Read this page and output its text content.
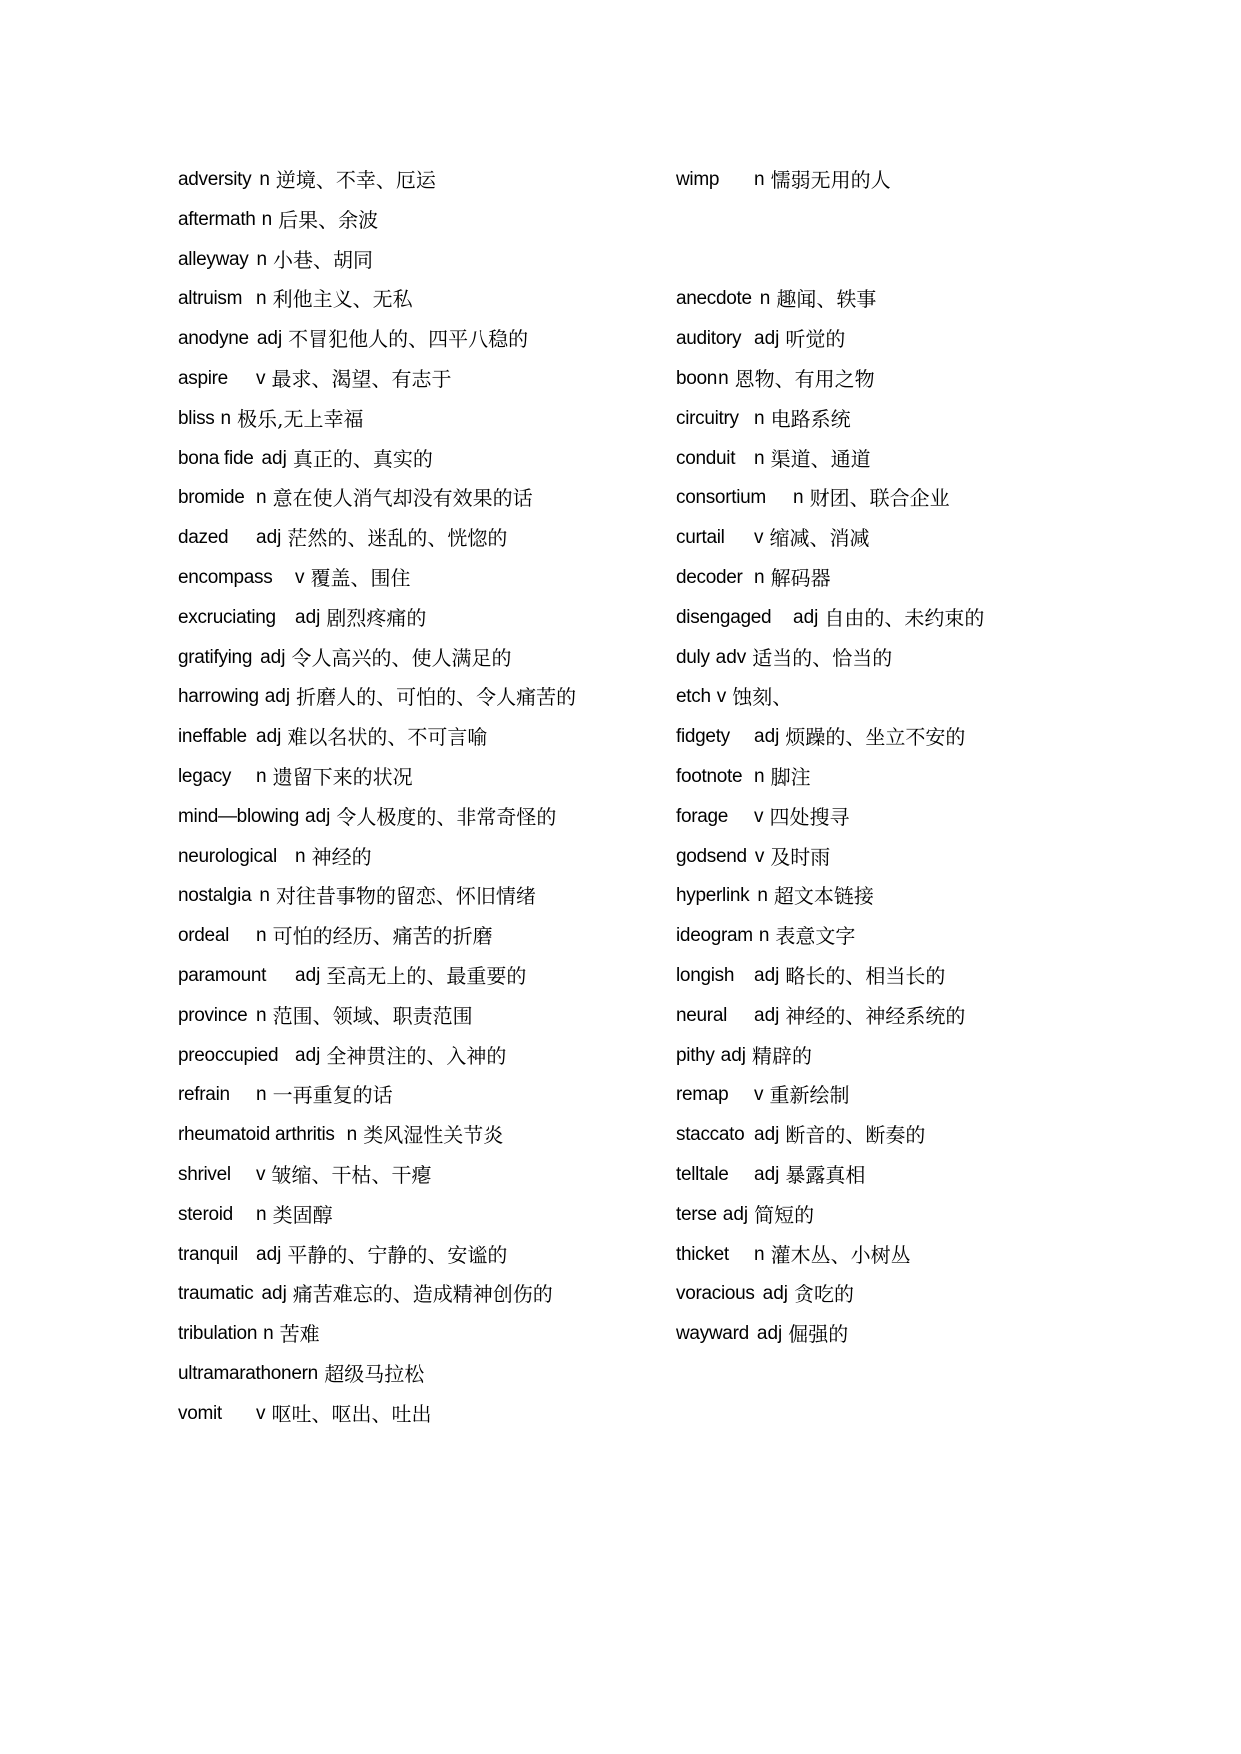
adversity n 逆境、不幸、厄运
aftermath n 后果、余波
alleyway n 小巷、胡同
altruism n 利他主义、无私
anodyne adj 不冒犯他人的、四平八稳的
aspire v 最求、渴望、有志于
bliss n 极乐,无上幸福
bona fide adj 真正的、真实的
bromide n 意在使人消气却没有效果的话
dazed adj 茫然的、迷乱的、恍惚的
encompass v 覆盖、围住
excruciating adj 剧烈疼痛的
gratifying adj 令人高兴的、使人满足的
harrowing adj 折磨人的、可怕的、令人痛苦的
ineffable adj 难以名状的、不可言喻
legacy n 遗留下来的状况
mind—blowing adj 令人极度的、非常奇怪的
neurological n 神经的
nostalgia n 对往昔事物的留恋、怀旧情绪
ordeal n 可怕的经历、痛苦的折磨
paramount adj 至高无上的、最重要的
province n 范围、领域、职责范围
preoccupied adj 全神贯注的、入神的
refrain n 一再重复的话
rheumatoid arthritis n 类风湿性关节炎
shrivel v 皱缩、干枯、干瘪
steroid n 类固醇
tranquil adj 平静的、宁静的、安谧的
traumatic adj 痛苦难忘的、造成精神创伤的
tribulation n 苦难
ultramarathoner n 超级马拉松
vomit v 呕吐、呕出、吐出
wimp n 懦弱无用的人
anecdote n 趣闻、轶事
auditory adj 听觉的
boon n 恩物、有用之物
circuitry n 电路系统
conduit n 渠道、通道
consortium n 财团、联合企业
curtail v 缩减、消减
decoder n 解码器
disengaged adj 自由的、未约束的
duly adv 适当的、恰当的
etch v 蚀刻、
fidgety adj 烦躁的、坐立不安的
footnote n 脚注
forage v 四处搜寻
godsend v 及时雨
hyperlink n 超文本链接
ideogram n 表意文字
longish adj 略长的、相当长的
neural adj 神经的、神经系统的
pithy adj 精辟的
remap v 重新绘制
staccato adj 断音的、断奏的
telltale adj 暴露真相
terse adj 简短的
thicket n 灌木丛、小树丛
voracious adj 贪吃的
wayward adj 倔强的
